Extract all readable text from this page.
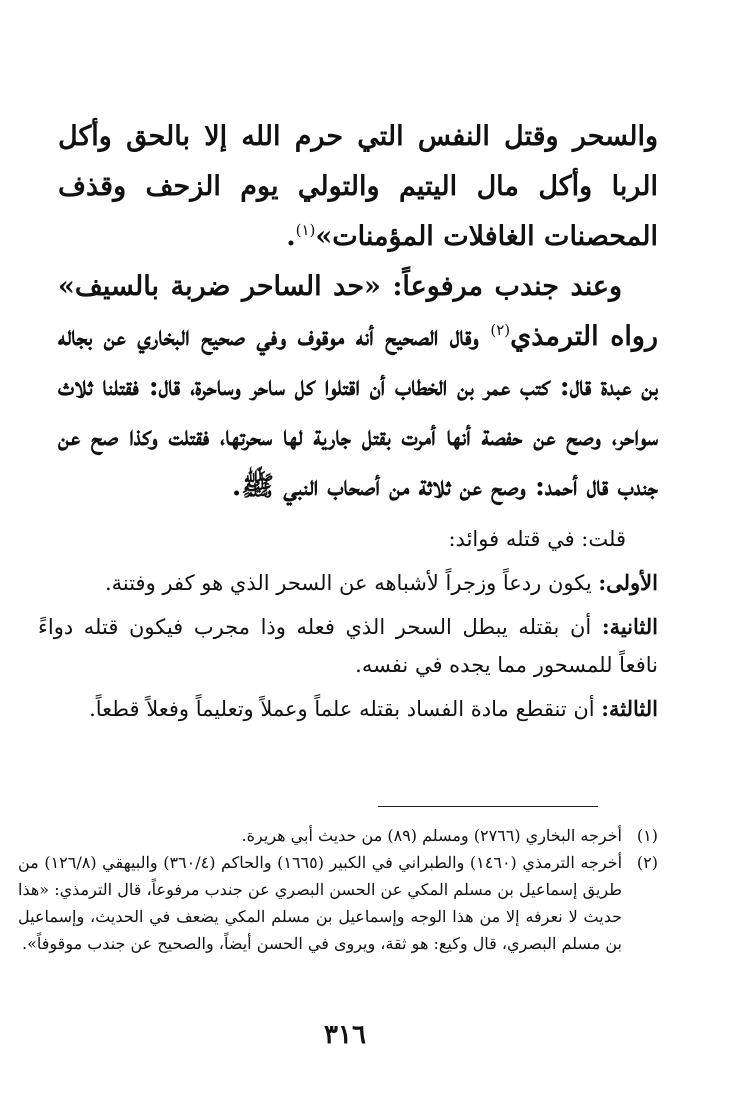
والسحر وقتل النفس التي حرم الله إلا بالحق وأكل الربا وأكل مال اليتيم والتولي يوم الزحف وقذف المحصنات الغافلات المؤمنات»$^{(١)}$.

وعند جندب مرفوعاً: «حد الساحر ضربة بالسيف» رواه الترمذي$^{(٢)}$ وقال الصحيح أنه موقوف وفي صحيح البخاري عن بجاله بن عبدة قال: كتب عمر بن الخطاب أن اقتلوا كل ساحر وساحرة، قال: فقتلنا ثلاث سواحر، وصح عن حفصة أنها أمرت بقتل جارية لها سحرتها، فقتلت وكذا صح عن جندب قال أحمد: وصح عن ثلاثة من أصحاب النبي ﷺ.

قلت: في قتله فوائد:

الأولى: يكون ردعاً وزجراً لأشباهه عن السحر الذي هو كفر وفتنة.

الثانية: أن بقتله يبطل السحر الذي فعله وذا مجرب فيكون قتله دواءً نافعاً للمسحور مما يجده في نفسه.

الثالثة: أن تنقطع مادة الفساد بقتله علماً وعملاً وتعليماً وفعلاً قطعاً.

(١)
أخرجه البخاري (٢٧٦٦) ومسلم (٨٩) من حديث أبي هريرة.
(٢)
أخرجه الترمذي (١٤٦٠) والطبراني في الكبير (١٦٦٥) والحاكم (٣٦٠/٤) والبيهقي (١٢٦/٨) من طريق إسماعيل بن مسلم المكي عن الحسن البصري عن جندب مرفوعاً، قال الترمذي: «هذا حديث لا نعرفه إلا من هذا الوجه وإسماعيل بن مسلم المكي يضعف في الحديث، وإسماعيل بن مسلم البصري، قال وكيع: هو ثقة، ويروى في الحسن أيضاً، والصحيح عن جندب موقوفاً».
٣١٦
